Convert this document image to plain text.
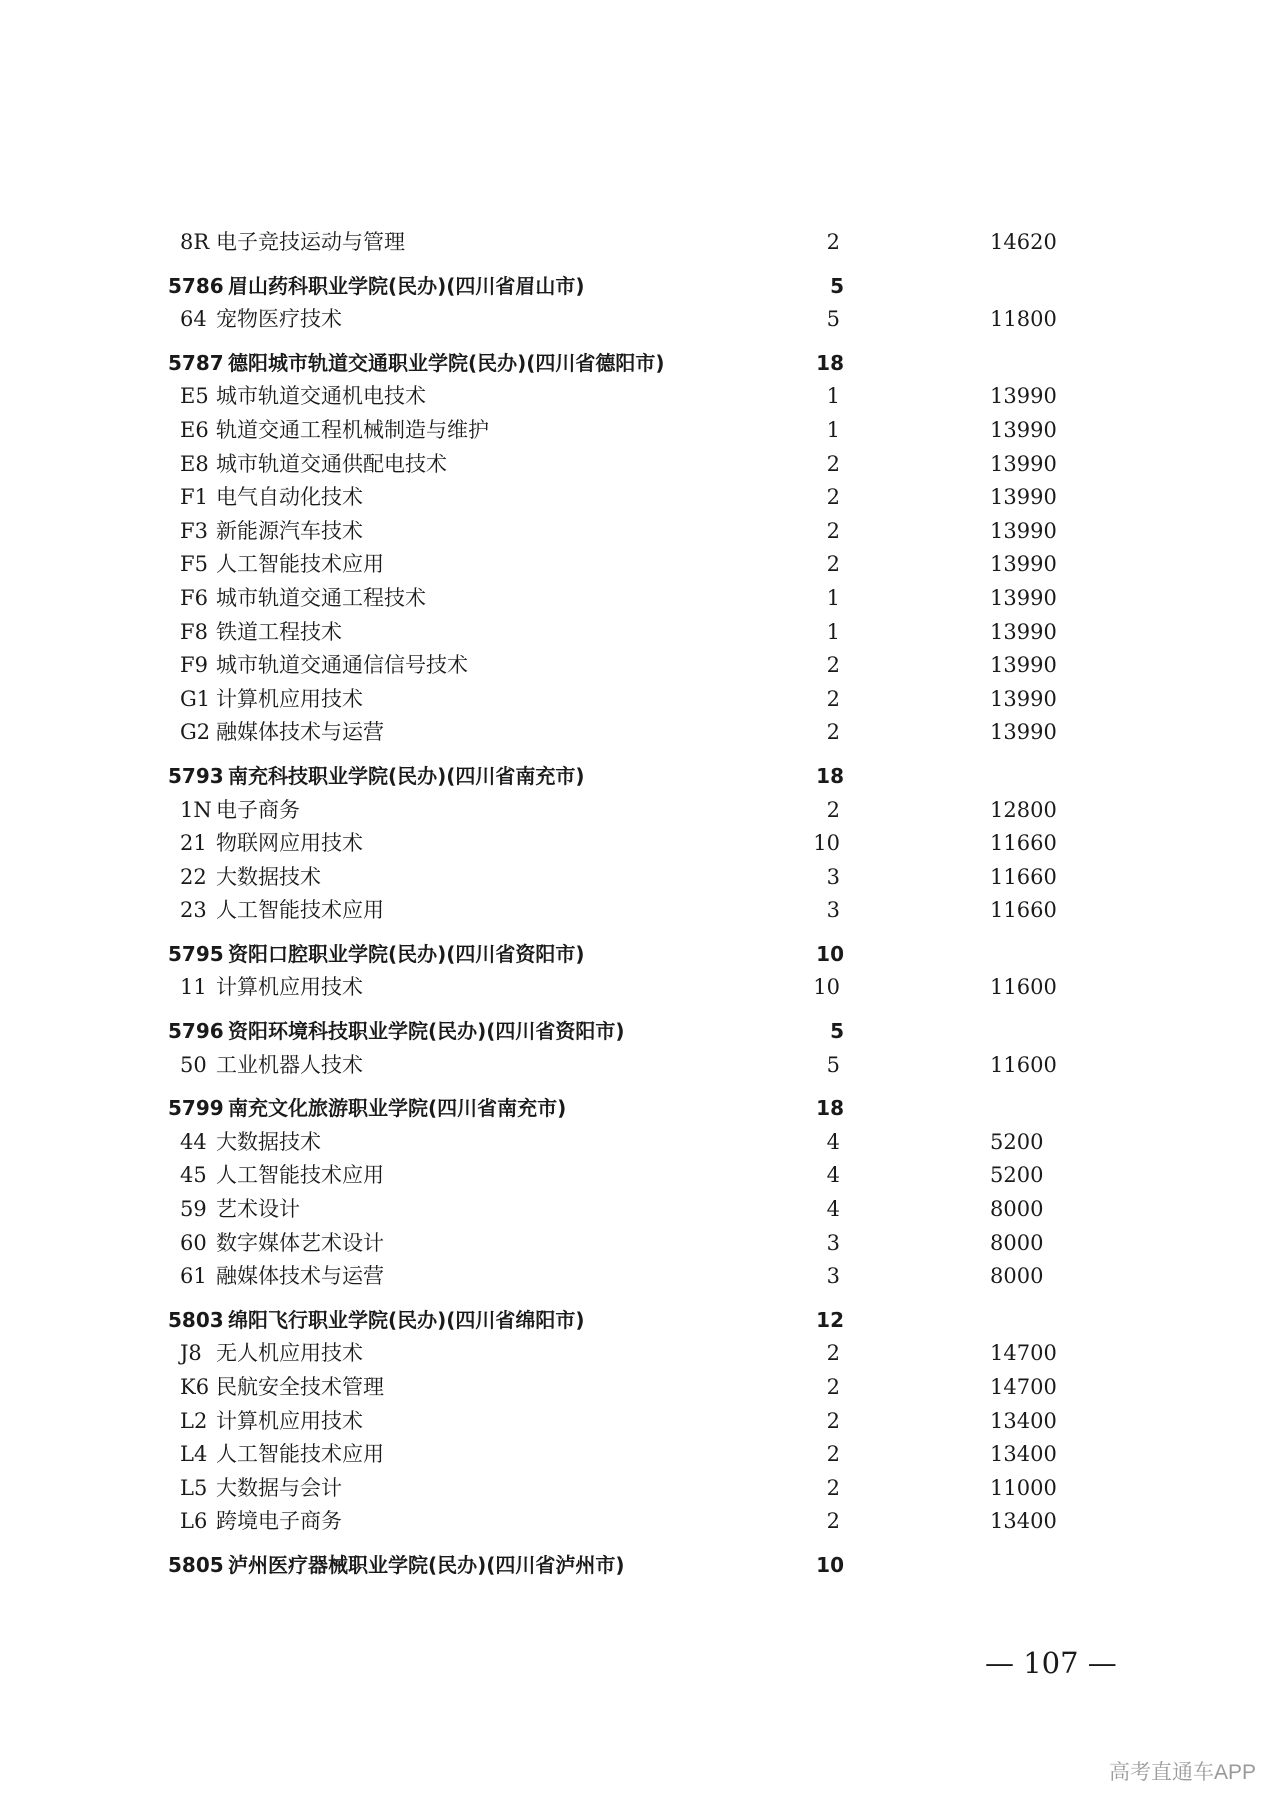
8R 电子竞技运动与管理	2	14620
5786 眉山药科职业学院(民办)(四川省眉山市)	5
64 宠物医疗技术	5	11800
5787 德阳城市轨道交通职业学院(民办)(四川省德阳市)	18
E5 城市轨道交通机电技术	1	13990
E6 轨道交通工程机械制造与维护	1	13990
E8 城市轨道交通供配电技术	2	13990
F1 电气自动化技术	2	13990
F3 新能源汽车技术	2	13990
F5 人工智能技术应用	2	13990
F6 城市轨道交通工程技术	1	13990
F8 铁道工程技术	1	13990
F9 城市轨道交通通信信号技术	2	13990
G1 计算机应用技术	2	13990
G2 融媒体技术与运营	2	13990
5793 南充科技职业学院(民办)(四川省南充市)	18
1N 电子商务	2	12800
21 物联网应用技术	10	11660
22 大数据技术	3	11660
23 人工智能技术应用	3	11660
5795 资阳口腔职业学院(民办)(四川省资阳市)	10
11 计算机应用技术	10	11600
5796 资阳环境科技职业学院(民办)(四川省资阳市)	5
50 工业机器人技术	5	11600
5799 南充文化旅游职业学院(四川省南充市)	18
44 大数据技术	4	5200
45 人工智能技术应用	4	5200
59 艺术设计	4	8000
60 数字媒体艺术设计	3	8000
61 融媒体技术与运营	3	8000
5803 绵阳飞行职业学院(民办)(四川省绵阳市)	12
J8 无人机应用技术	2	14700
K6 民航安全技术管理	2	14700
L2 计算机应用技术	2	13400
L4 人工智能技术应用	2	13400
L5 大数据与会计	2	11000
L6 跨境电子商务	2	13400
5805 泸州医疗器械职业学院(民办)(四川省泸州市)	10
— 107 —
高考直通车APP
